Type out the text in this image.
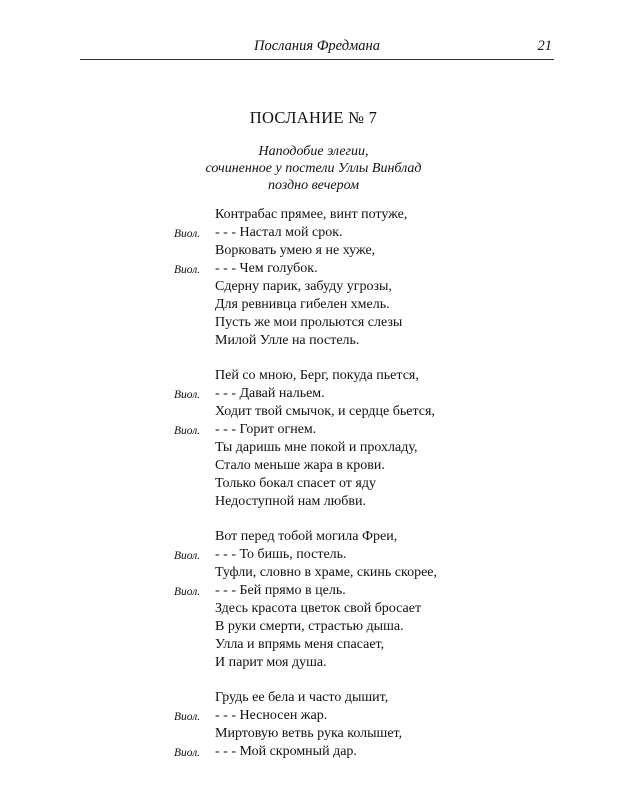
Послания Фредмана	21
ПОСЛАНИЕ № 7
Наподобие элегии,
сочиненное у постели Уллы Винблад
поздно вечером
Контрабас прямее, винт потуже,
Виол. - - - Настал мой срок.
Ворковать умею я не хуже,
Виол. - - - Чем голубок.
Сдерну парик, забуду угрозы,
Для ревнивца гибелен хмель.
Пусть же мои прольются слезы
Милой Улле на постель.
Пей со мною, Берг, покуда пьется,
Виол. - - - Давай нальем.
Ходит твой смычок, и сердце бьется,
Виол. - - - Горит огнем.
Ты даришь мне покой и прохладу,
Стало меньше жара в крови.
Только бокал спасет от яду
Недоступной нам любви.
Вот перед тобой могила Фреи,
Виол. - - - То бишь, постель.
Туфли, словно в храме, скинь скорее,
Виол. - - - Бей прямо в цель.
Здесь красота цветок свой бросает
В руки смерти, страстью дыша.
Улла и впрямь меня спасает,
И парит моя душа.
Грудь ее бела и часто дышит,
Виол. - - - Несносен жар.
Миртовую ветвь рука колышет,
Виол. - - - Мой скромный дар.
